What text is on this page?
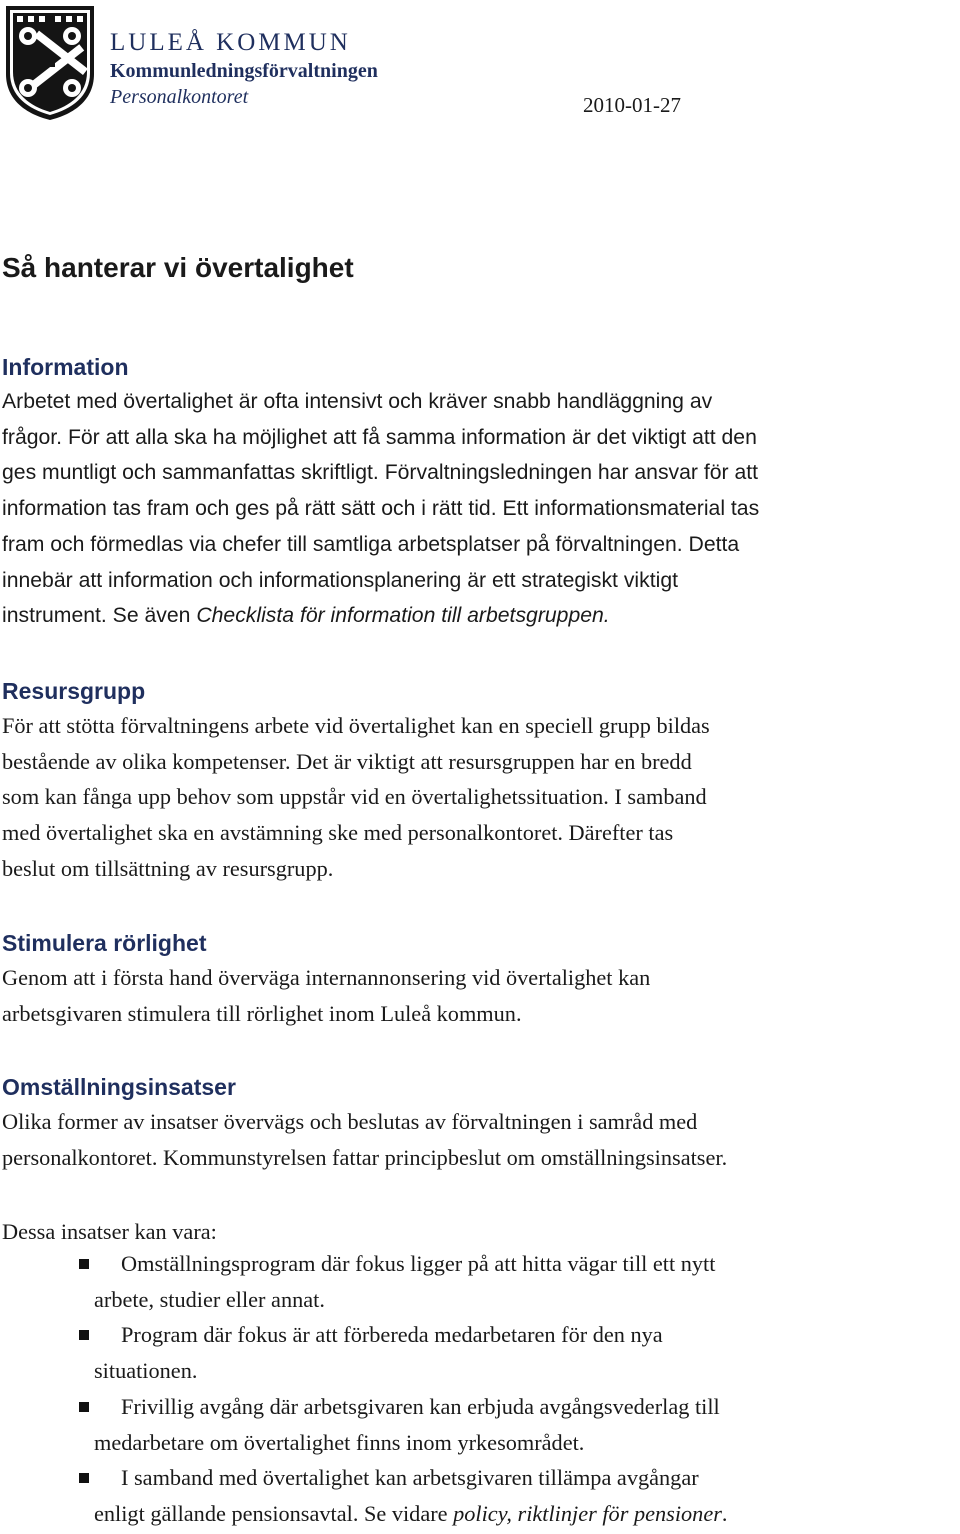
LULEÅ KOMMUN
Kommunledningsförvaltningen
Personalkontoret	2010-01-27
Så hanterar vi övertalighet
Information

Arbetet med övertalighet är ofta intensivt och kräver snabb handläggning av
frågor. För att alla ska ha möjlighet att få samma information är det viktigt att den
ges muntligt och sammanfattas skriftligt. Förvaltningsledningen har ansvar för att
information tas fram och ges på rätt sätt och i rätt tid. Ett informationsmaterial tas
fram och förmedlas via chefer till samtliga arbetsplatser på förvaltningen. Detta
innebär att information och informationsplanering är ett strategiskt viktigt
instrument. Se även Checklista för information till arbetsgruppen.

Resursgrupp

För att stötta förvaltningens arbete vid övertalighet kan en speciell grupp bildas
bestående av olika kompetenser. Det är viktigt att resursgruppen har en bredd
som kan fånga upp behov som uppstår vid en övertalighetssituation. I samband
med övertalighet ska en avstämning ske med personalkontoret. Därefter tas
beslut om tillsättning av resursgrupp.

Stimulera rörlighet

Genom att i första hand överväga internannonsering vid övertalighet kan
arbetsgivaren stimulera till rörlighet inom Luleå kommun.

Omställningsinsatser

Olika former av insatser övervägs och beslutas av förvaltningen i samråd med
personalkontoret. Kommunstyrelsen fattar principbeslut om omställningsinsatser.

Dessa insatser kan vara:

Omställningsprogram där fokus ligger på att hitta vägar till ett nytt
arbete, studier eller annat.
Program där fokus är att förbereda medarbetaren för den nya
situationen.
Frivillig avgång där arbetsgivaren kan erbjuda avgångsvederlag till
medarbetare om övertalighet finns inom yrkesområdet.
I samband med övertalighet kan arbetsgivaren tillämpa avgångar
enligt gällande pensionsavtal. Se vidare policy, riktlinjer för pensioner.
